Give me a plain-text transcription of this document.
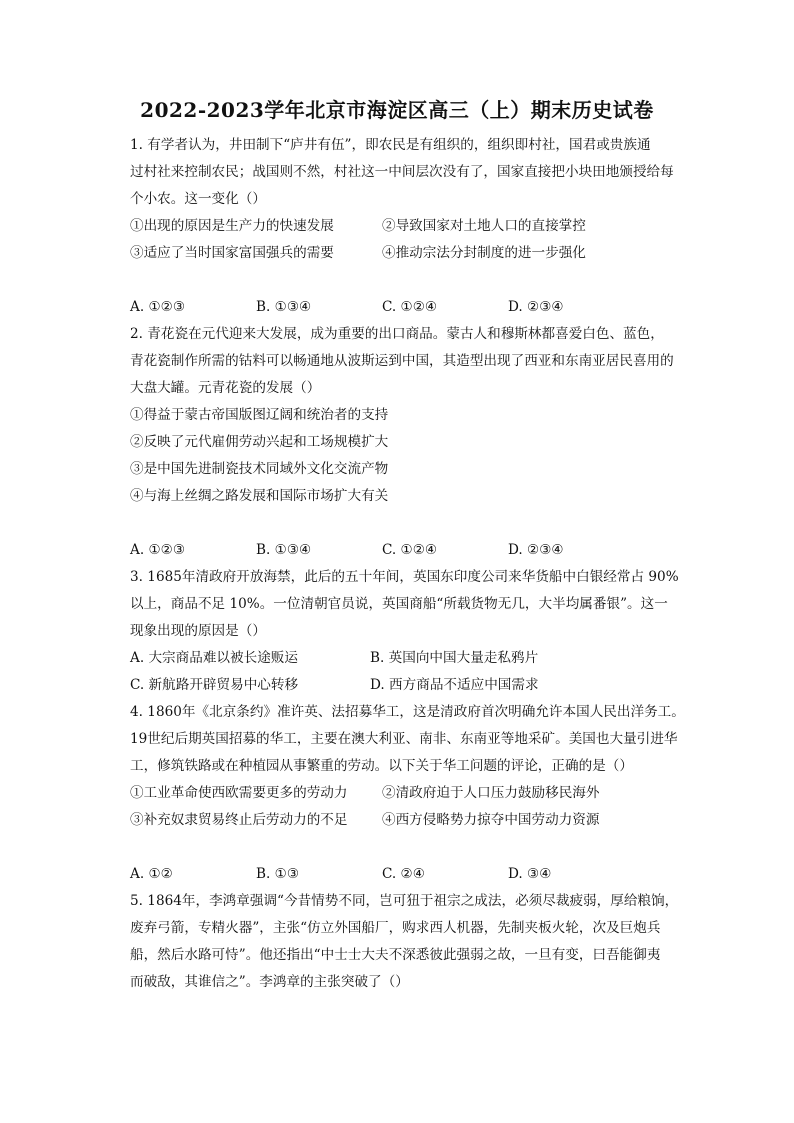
2022-2023学年北京市海淀区高三（上）期末历史试卷
1. 有学者认为，井田制下“庐井有伍”，即农民是有组织的，组织即村社，国君或贵族通
过村社来控制农民；战国则不然，村社这一中间层次没有了，国家直接把小块田地颁授给每
个小农。这一变化（）
①出现的原因是生产力的快速发展	②导致国家对土地人口的直接掌控
③适应了当时国家富国强兵的需要	④推动宗法分封制度的进一步强化
A. ①②③	B. ①③④	C. ①②④	D. ②③④
2. 青花瓷在元代迎来大发展，成为重要的出口商品。蒙古人和穆斯林都喜爱白色、蓝色，
青花瓷制作所需的钴料可以畅通地从波斯运到中国，其造型出现了西亚和东南亚居民喜用的
大盘大罐。元青花瓷的发展（）
①得益于蒙古帝国版图辽阔和统治者的支持
②反映了元代雇佣劳动兴起和工场规模扩大
③是中国先进制瓷技术同域外文化交流产物
④与海上丝绸之路发展和国际市场扩大有关
A. ①②③	B. ①③④	C. ①②④	D. ②③④
3. 1685年清政府开放海禁，此后的五十年间，英国东印度公司来华货船中白银经常占 90%
以上，商品不足 10%。一位清朝官员说，英国商船“所载货物无几，大半均属番银”。这一
现象出现的原因是（）
A. 大宗商品难以被长途贩运	B. 英国向中国大量走私鸦片
C. 新航路开辟贸易中心转移	D. 西方商品不适应中国需求
4. 1860年《北京条约》准许英、法招募华工，这是清政府首次明确允许本国人民出洋务工。
19世纪后期英国招募的华工，主要在澳大利亚、南非、东南亚等地采矿。美国也大量引进华
工，修筑铁路或在种植园从事繁重的劳动。以下关于华工问题的评论，正确的是（）
①工业革命使西欧需要更多的劳动力	②清政府迫于人口压力鼓励移民海外
③补充奴隶贸易终止后劳动力的不足	④西方侵略势力掠夺中国劳动力资源
A. ①②	B. ①③	C. ②④	D. ③④
5. 1864年，李鸿章强调“今昔情势不同，岂可狃于祖宗之成法，必须尽裁疲弱，厚给粮饷，
废弃弓箭，专精火器”，主张“仿立外国船厂，购求西人机器，先制夹板火轮，次及巨炮兵
船，然后水路可恃”。他还指出“中士士大夫不深悉彼此强弱之故，一旦有变，曰吾能御夷
而破敌，其谁信之”。李鸿章的主张突破了（）
